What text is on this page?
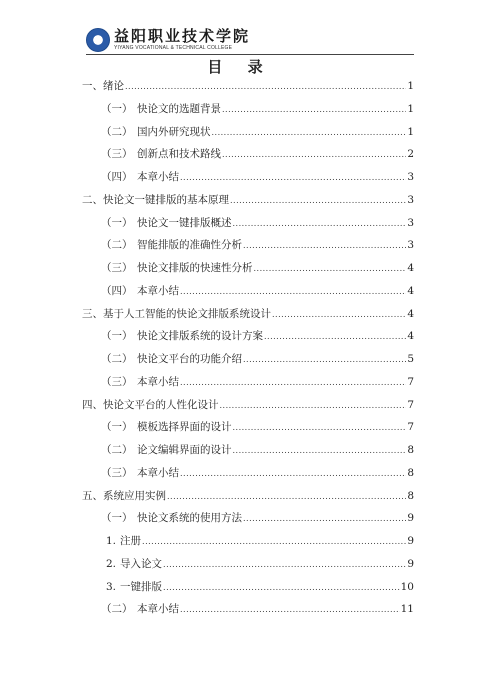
益阳职业技术学院
YIYANG VOCATIONAL & TECHNICAL COLLEGE
目 录
一、 绪论 .....	1
（一） 快论文的选题背景 .....	1
（二） 国内外研究现状 .....	1
（三） 创新点和技术路线 .....	2
（四） 本章小结 .....	3
二、 快论文一键排版的基本原理 .....	3
（一） 快论文一键排版概述 .....	3
（二） 智能排版的准确性分析 .....	3
（三） 快论文排版的快速性分析 .....	4
（四） 本章小结 .....	4
三、 基于人工智能的快论文排版系统设计 .....	4
（一） 快论文排版系统的设计方案 .....	4
（二） 快论文平台的功能介绍 .....	5
（三） 本章小结 .....	7
四、 快论文平台的人性化设计 .....	7
（一） 模板选择界面的设计 .....	7
（二） 论文编辑界面的设计 .....	8
（三） 本章小结 .....	8
五、 系统应用实例 .....	8
（一） 快论文系统的使用方法 .....	9
1. 注册 .....	9
2. 导入论文 .....	9
3. 一键排版 .....	10
（二） 本章小结 .....	11
